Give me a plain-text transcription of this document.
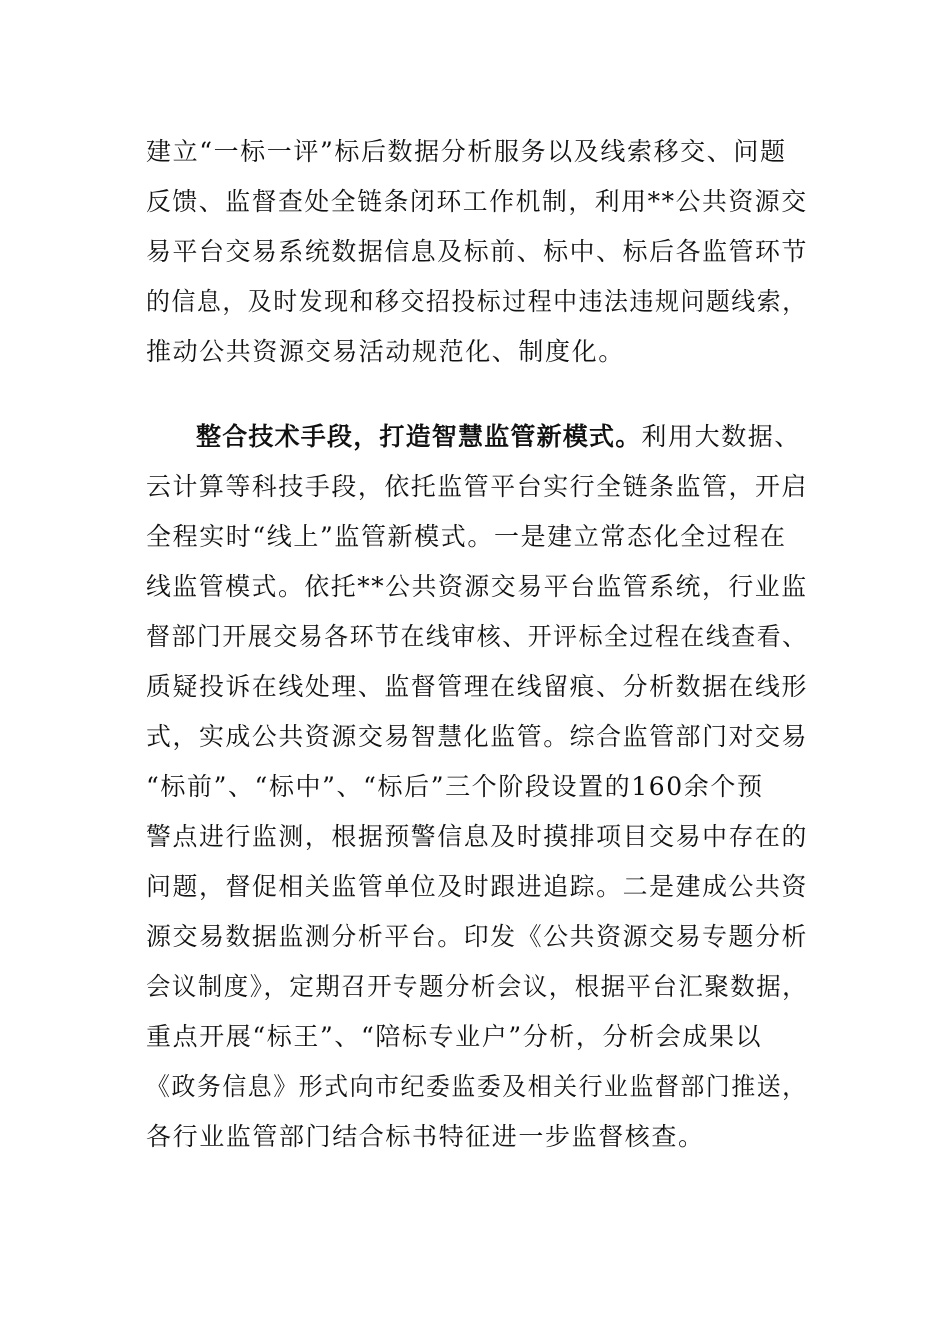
建立“一标一评”标后数据分析服务以及线索移交、问题
反馈、监督查处全链条闭环工作机制，利用**公共资源交
易平台交易系统数据信息及标前、标中、标后各监管环节
的信息，及时发现和移交招投标过程中违法违规问题线索，
推动公共资源交易活动规范化、制度化。
整合技术手段，打造智慧监管新模式。利用大数据、
云计算等科技手段，依托监管平台实行全链条监管，开启
全程实时“线上”监管新模式。一是建立常态化全过程在
线监管模式。依托**公共资源交易平台监管系统，行业监
督部门开展交易各环节在线审核、开评标全过程在线查看、
质疑投诉在线处理、监督管理在线留痕、分析数据在线形
式，实成公共资源交易智慧化监管。综合监管部门对交易
“标前”、“标中”、“标后”三个阶段设置的160余个预
警点进行监测，根据预警信息及时摸排项目交易中存在的
问题，督促相关监管单位及时跟进追踪。二是建成公共资
源交易数据监测分析平台。印发《公共资源交易专题分析
会议制度》，定期召开专题分析会议，根据平台汇聚数据，
重点开展“标王”、“陪标专业户”分析，分析会成果以
《政务信息》形式向市纪委监委及相关行业监督部门推送，
各行业监管部门结合标书特征进一步监督核查。
